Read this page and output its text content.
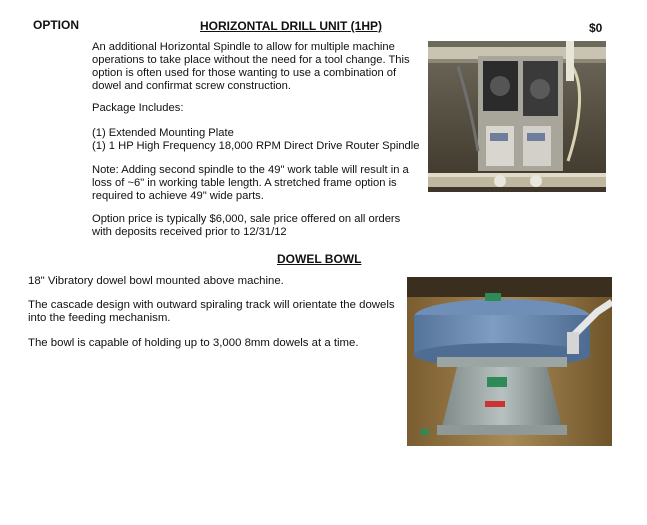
OPTION	HORIZONTAL DRILL UNIT (1HP)	$0
An additional Horizontal Spindle to allow for multiple machine
operations to take place without the need for a tool change. This
option is often used for those wanting to use a combination of
dowel and confirmat screw construction.
Package Includes:
(1) Extended Mounting Plate
(1) 1 HP High Frequency 18,000 RPM Direct Drive Router Spindle
Note: Adding second spindle to the 49" work table will result in a
loss of ~6" in working table length. A stretched frame option is
required to achieve 49" wide parts.
Option price is typically $6,000, sale price offered on all orders
with deposits received prior to 12/31/12
DOWEL BOWL
18" Vibratory dowel bowl mounted above machine.
The cascade design with outward spiraling track will orientate the dowels
into the feeding mechanism.
The bowl is capable of holding up to 3,000 8mm dowels at a time.
